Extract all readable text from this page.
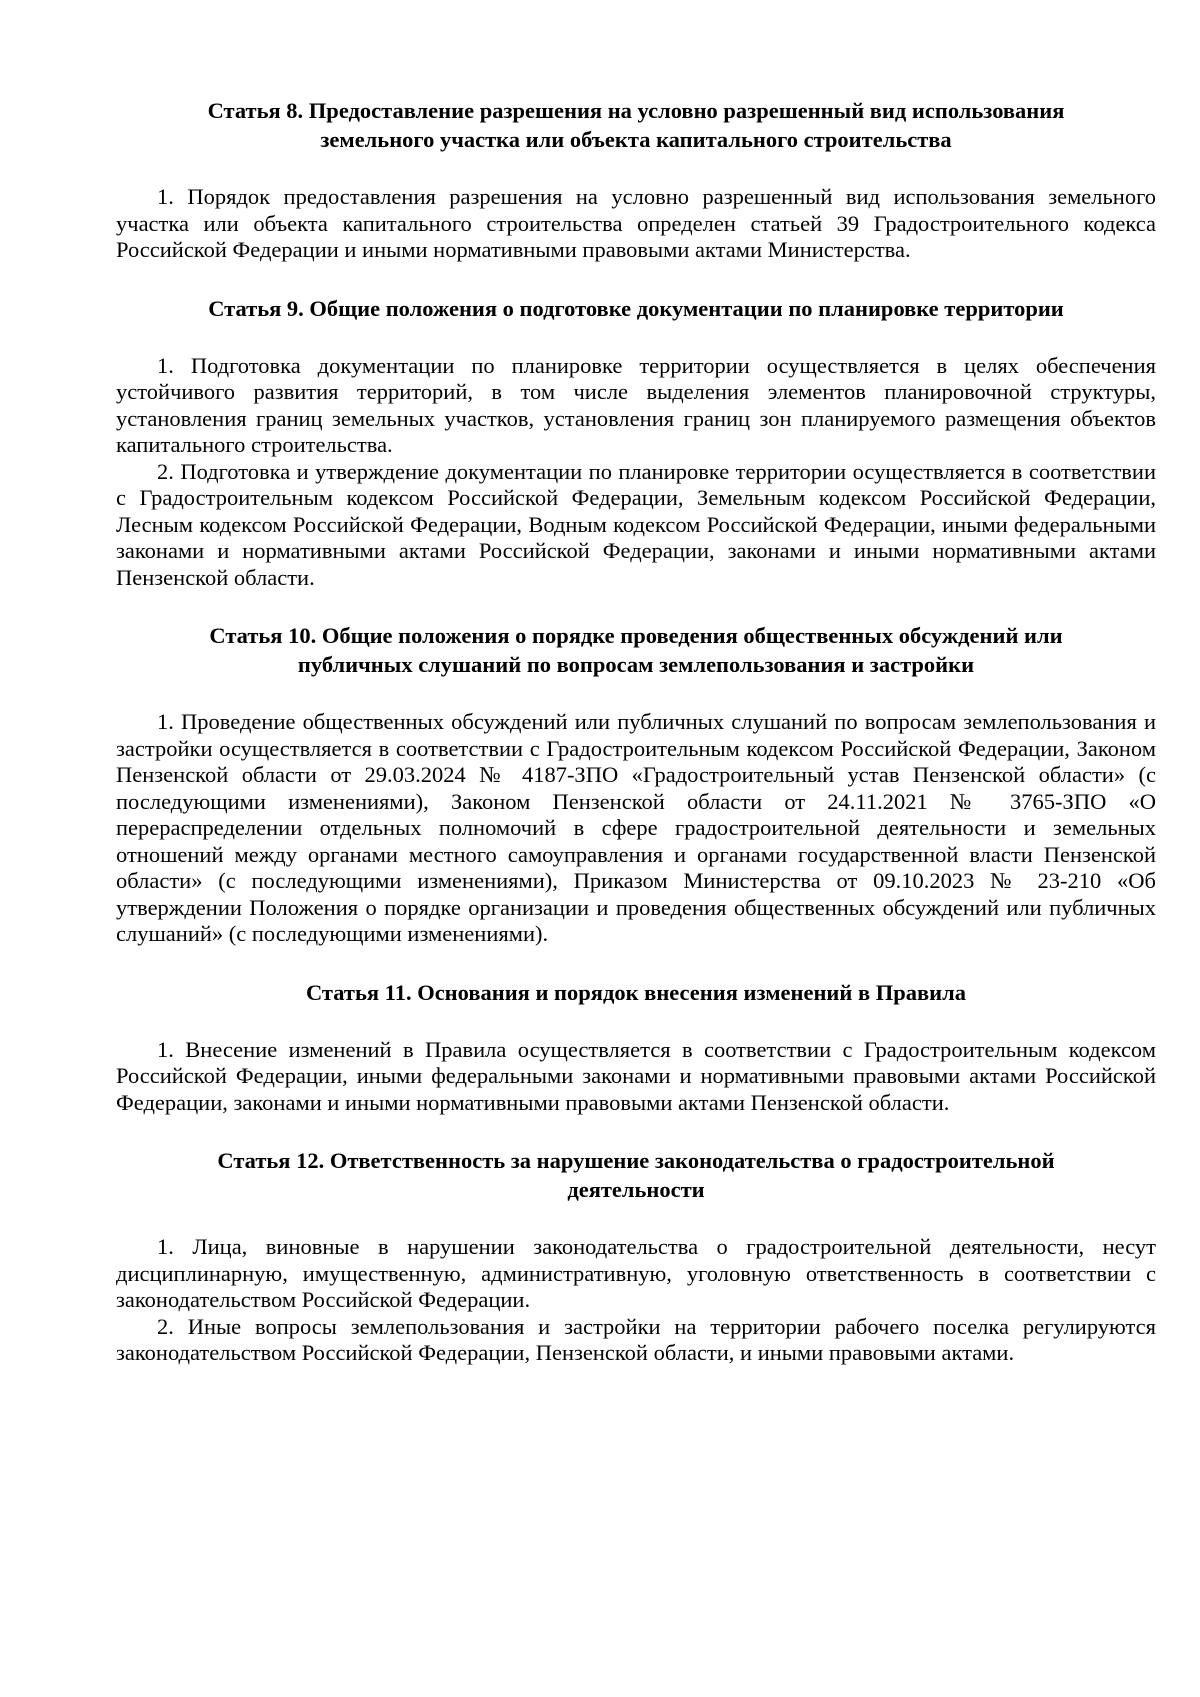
Статья 8. Предоставление разрешения на условно разрешенный вид использования земельного участка или объекта капитального строительства

1. Порядок предоставления разрешения на условно разрешенный вид использования земельного участка или объекта капитального строительства определен статьей 39 Градостроительного кодекса Российской Федерации и иными нормативными правовыми актами Министерства.

Статья 9. Общие положения о подготовке документации по планировке территории

1. Подготовка документации по планировке территории осуществляется в целях обеспечения устойчивого развития территорий, в том числе выделения элементов планировочной структуры, установления границ земельных участков, установления границ зон планируемого размещения объектов капитального строительства.

2. Подготовка и утверждение документации по планировке территории осуществляется в соответствии с Градостроительным кодексом Российской Федерации, Земельным кодексом Российской Федерации, Лесным кодексом Российской Федерации, Водным кодексом Российской Федерации, иными федеральными законами и нормативными актами Российской Федерации, законами и иными нормативными актами Пензенской области.

Статья 10. Общие положения о порядке проведения общественных обсуждений или публичных слушаний по вопросам землепользования и застройки

1. Проведение общественных обсуждений или публичных слушаний по вопросам землепользования и застройки осуществляется в соответствии с Градостроительным кодексом Российской Федерации, Законом Пензенской области от 29.03.2024 № 4187-ЗПО «Градостроительный устав Пензенской области» (с последующими изменениями), Законом Пензенской области от 24.11.2021 № 3765-ЗПО «О перераспределении отдельных полномочий в сфере градостроительной деятельности и земельных отношений между органами местного самоуправления и органами государственной власти Пензенской области» (с последующими изменениями), Приказом Министерства от 09.10.2023 № 23-210 «Об утверждении Положения о порядке организации и проведения общественных обсуждений или публичных слушаний» (с последующими изменениями).

Статья 11. Основания и порядок внесения изменений в Правила

1. Внесение изменений в Правила осуществляется в соответствии с Градостроительным кодексом Российской Федерации, иными федеральными законами и нормативными правовыми актами Российской Федерации, законами и иными нормативными правовыми актами Пензенской области.

Статья 12. Ответственность за нарушение законодательства о градостроительной деятельности

1. Лица, виновные в нарушении законодательства о градостроительной деятельности, несут дисциплинарную, имущественную, административную, уголовную ответственность в соответствии с законодательством Российской Федерации.

2. Иные вопросы землепользования и застройки на территории рабочего поселка регулируются законодательством Российской Федерации, Пензенской области, и иными правовыми актами.
